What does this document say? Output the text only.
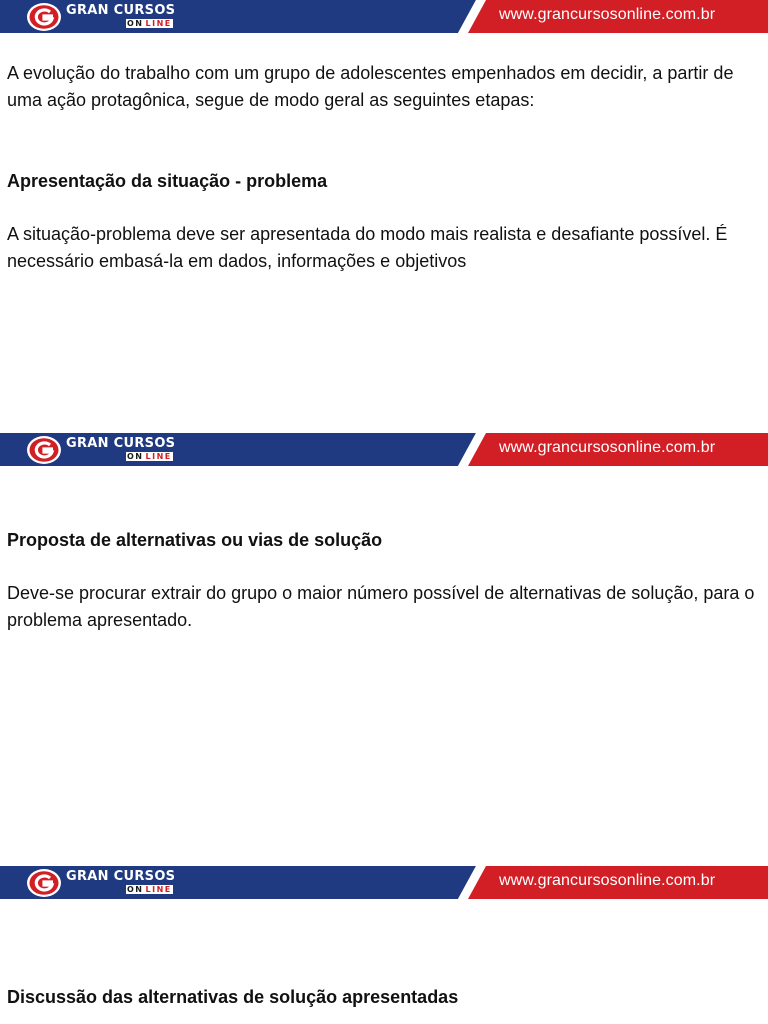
GRAN CURSOS
ON LINE
www.grancursosonline.com.br

A evolução do trabalho com um grupo de adolescentes empenhados em decidir, a partir de uma ação protagônica, segue de modo geral as seguintes etapas:

Apresentação da situação - problema

A situação-problema deve ser apresentada do modo mais realista e desafiante possível. É necessário embasá-la em dados, informações e objetivos

GRAN CURSOS
ON LINE
www.grancursosonline.com.br

Proposta de alternativas ou vias de solução

Deve-se procurar extrair do grupo o maior número possível de alternativas de solução, para o problema apresentado.

GRAN CURSOS
ON LINE
www.grancursosonline.com.br

Discussão das alternativas de solução apresentadas
